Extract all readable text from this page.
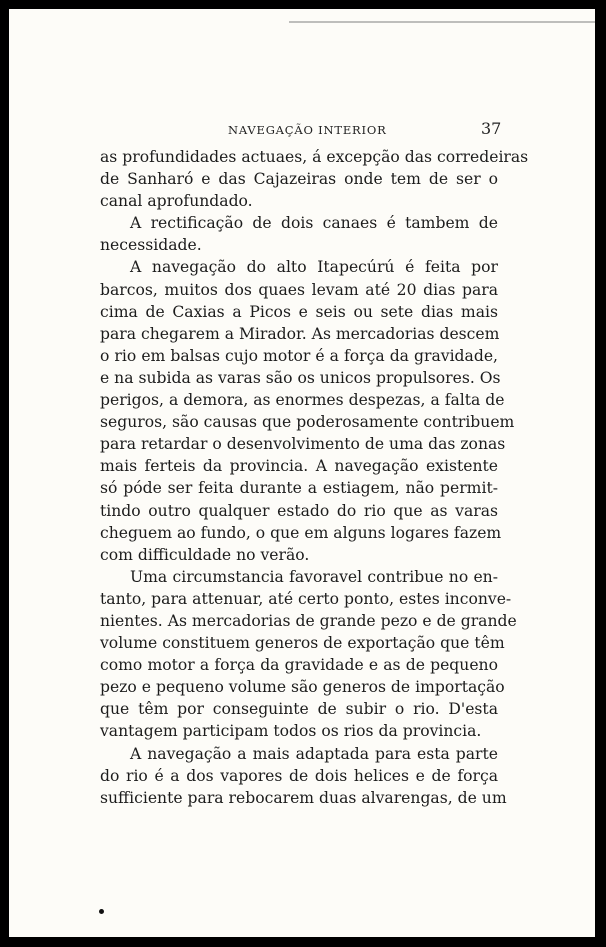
NAVEGAÇÃO INTERIOR	37
as profundidades actuaes, á excepção das corredeiras
de Sanharó e das Cajazeiras onde tem de ser o
canal aprofundado.
A rectificação de dois canaes é tambem de
necessidade.
A navegação do alto Itapecúrú é feita por
barcos, muitos dos quaes levam até 20 dias para
cima de Caxias a Picos e seis ou sete dias mais
para chegarem a Mirador. As mercadorias descem
o rio em balsas cujo motor é a força da gravidade,
e na subida as varas são os unicos propulsores. Os
perigos, a demora, as enormes despezas, a falta de
seguros, são causas que poderosamente contribuem
para retardar o desenvolvimento de uma das zonas
mais ferteis da provincia. A navegação existente
só póde ser feita durante a estiagem, não permit-
tindo outro qualquer estado do rio que as varas
cheguem ao fundo, o que em alguns logares fazem
com difficuldade no verão.
Uma circumstancia favoravel contribue no en-
tanto, para attenuar, até certo ponto, estes inconve-
nientes. As mercadorias de grande pezo e de grande
volume constituem generos de exportação que têm
como motor a força da gravidade e as de pequeno
pezo e pequeno volume são generos de importação
que têm por conseguinte de subir o rio. D'esta
vantagem participam todos os rios da provincia.
A navegação a mais adaptada para esta parte
do rio é a dos vapores de dois helices e de força
sufficiente para rebocarem duas alvarengas, de um
